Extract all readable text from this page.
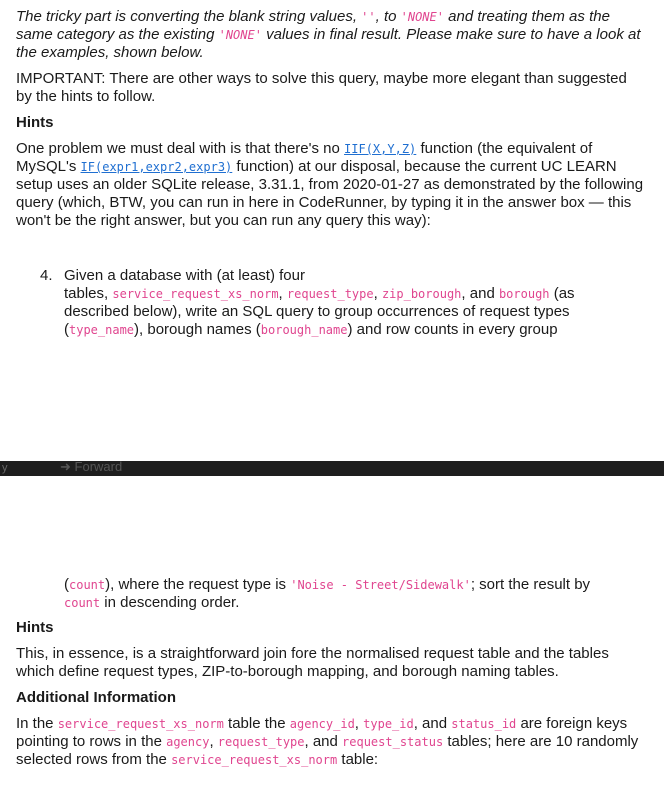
The tricky part is converting the blank string values, '', to 'NONE' and treating them as the same category as the existing 'NONE' values in final result. Please make sure to have a look at the examples, shown below.

IMPORTANT: There are other ways to solve this query, maybe more elegant than suggested by the hints to follow.

Hints

One problem we must deal with is that there's no IIF(X,Y,Z) function (the equivalent of MySQL's IF(expr1,expr2,expr3) function) at our disposal, because the current UC LEARN setup uses an older SQLite release, 3.31.1, from 2020-01-27 as demonstrated by the following query (which, BTW, you can run in here in CodeRunner, by typing it in the answer box — this won't be the right answer, but you can run any query this way):

4. Given a database with (at least) four
tables, service_request_xs_norm, request_type, zip_borough, and borough (as described below), write an SQL query to group occurrences of request types (type_name), borough names (borough_name) and row counts in every group

y	➜ Forward

(count), where the request type is 'Noise - Street/Sidewalk'; sort the result by count in descending order.

Hints

This, in essence, is a straightforward join fore the normalised request table and the tables which define request types, ZIP-to-borough mapping, and borough naming tables.

Additional Information

In the service_request_xs_norm table the agency_id, type_id, and status_id are foreign keys pointing to rows in the agency, request_type, and request_status tables; here are 10 randomly selected rows from the service_request_xs_norm table:
